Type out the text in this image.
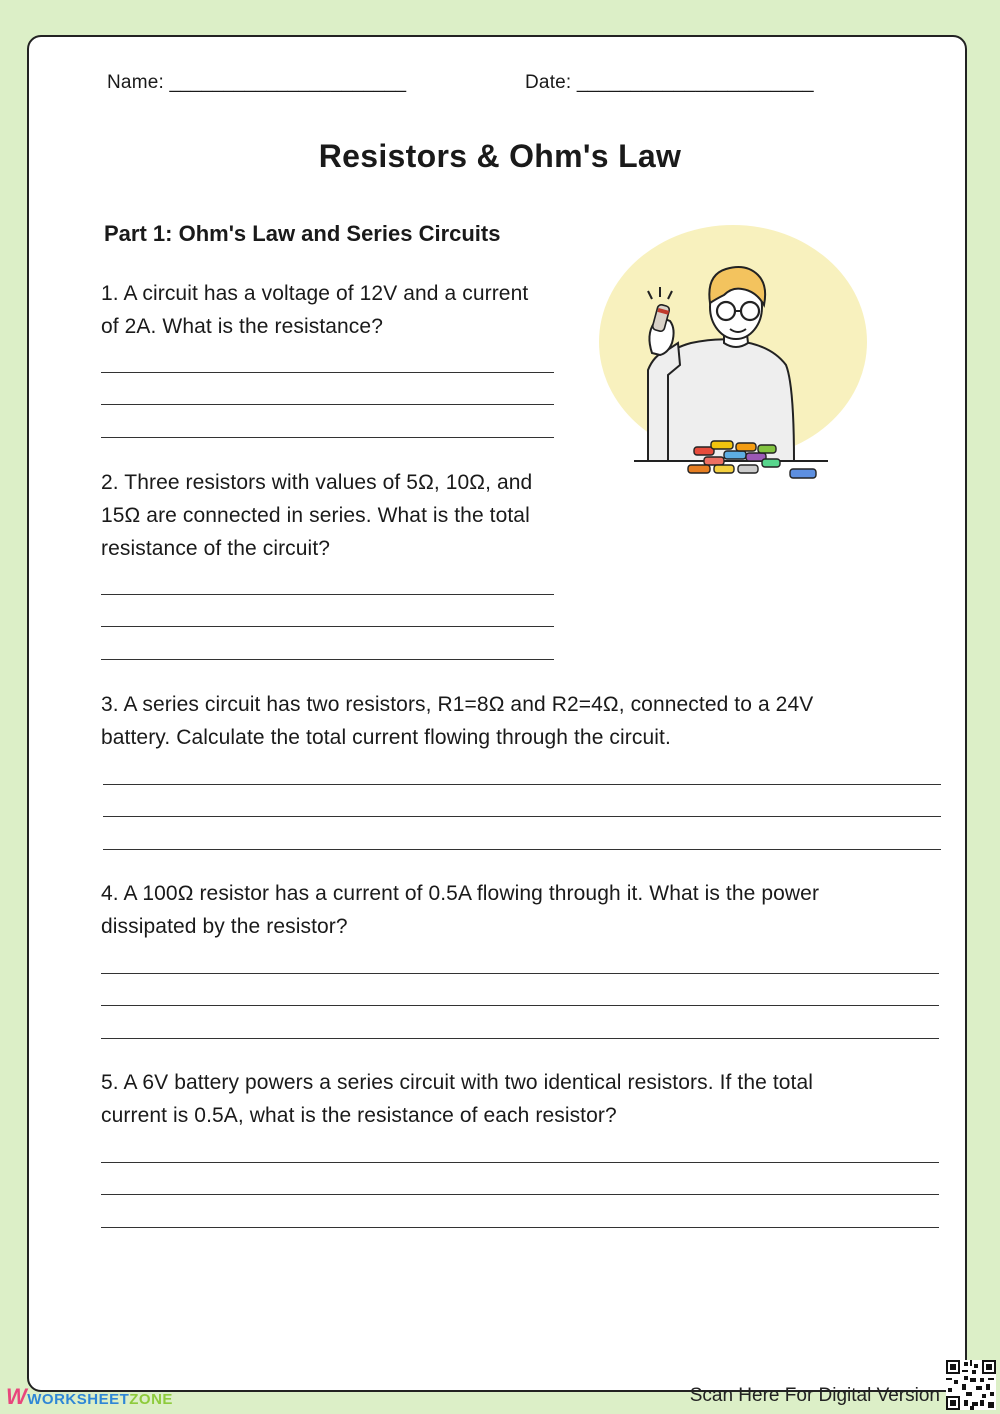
Name: ______________________	Date: ______________________
Resistors & Ohm's Law
Part 1: Ohm's Law and Series Circuits
1. A circuit has a voltage of 12V and a current
of 2A. What is the resistance?
2. Three resistors with values of 5Ω, 10Ω, and
15Ω are connected in series. What is the total
resistance of the circuit?
3. A series circuit has two resistors, R1=8Ω and R2=4Ω, connected to a 24V
battery. Calculate the total current flowing through the circuit.
4. A 100Ω resistor has a current of 0.5A flowing through it. What is the power
dissipated by the resistor?
5. A 6V battery powers a series circuit with two identical resistors. If the total
current is 0.5A, what is the resistance of each resistor?
WWORKSHEETZONE	Scan Here For Digital Version
